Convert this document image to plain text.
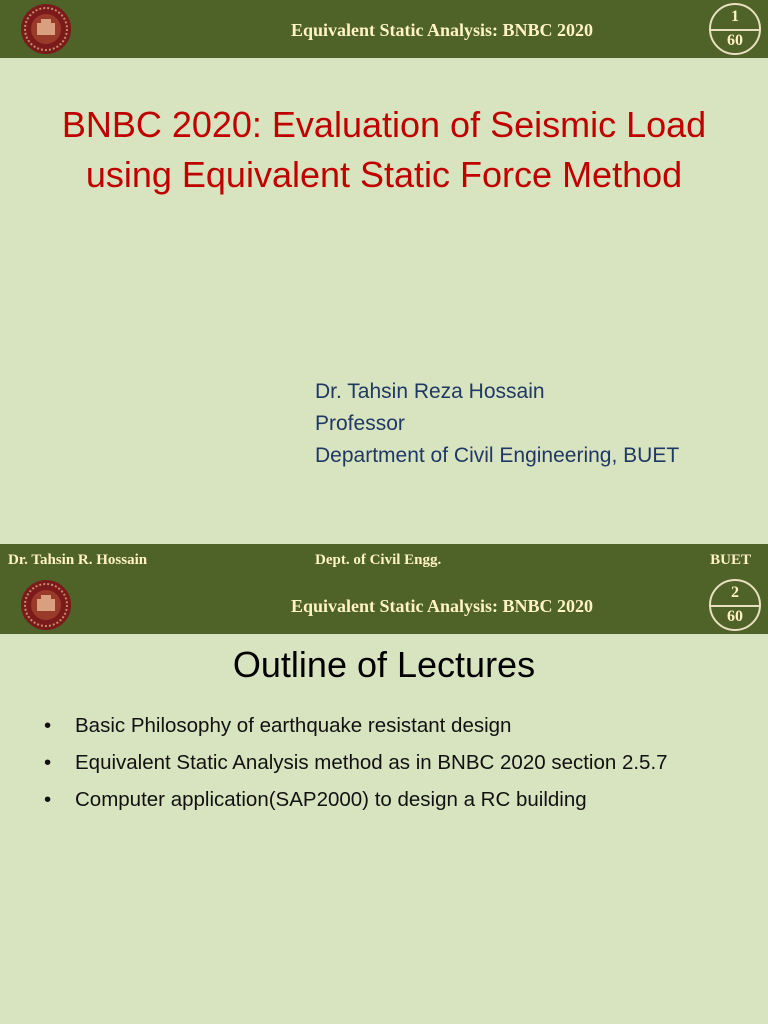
Equivalent Static Analysis: BNBC 2020
1
60
BNBC 2020: Evaluation of Seismic Load
using Equivalent Static Force Method
Dr. Tahsin Reza Hossain
Professor
Department of Civil Engineering, BUET
Dr. Tahsin R. Hossain	Dept. of Civil Engg.	BUET
Equivalent Static Analysis: BNBC 2020
2
60
Outline of Lectures
• Basic Philosophy of earthquake resistant design
• Equivalent Static Analysis method as in BNBC 2020 section 2.5.7
• Computer application(SAP2000) to design a RC building
